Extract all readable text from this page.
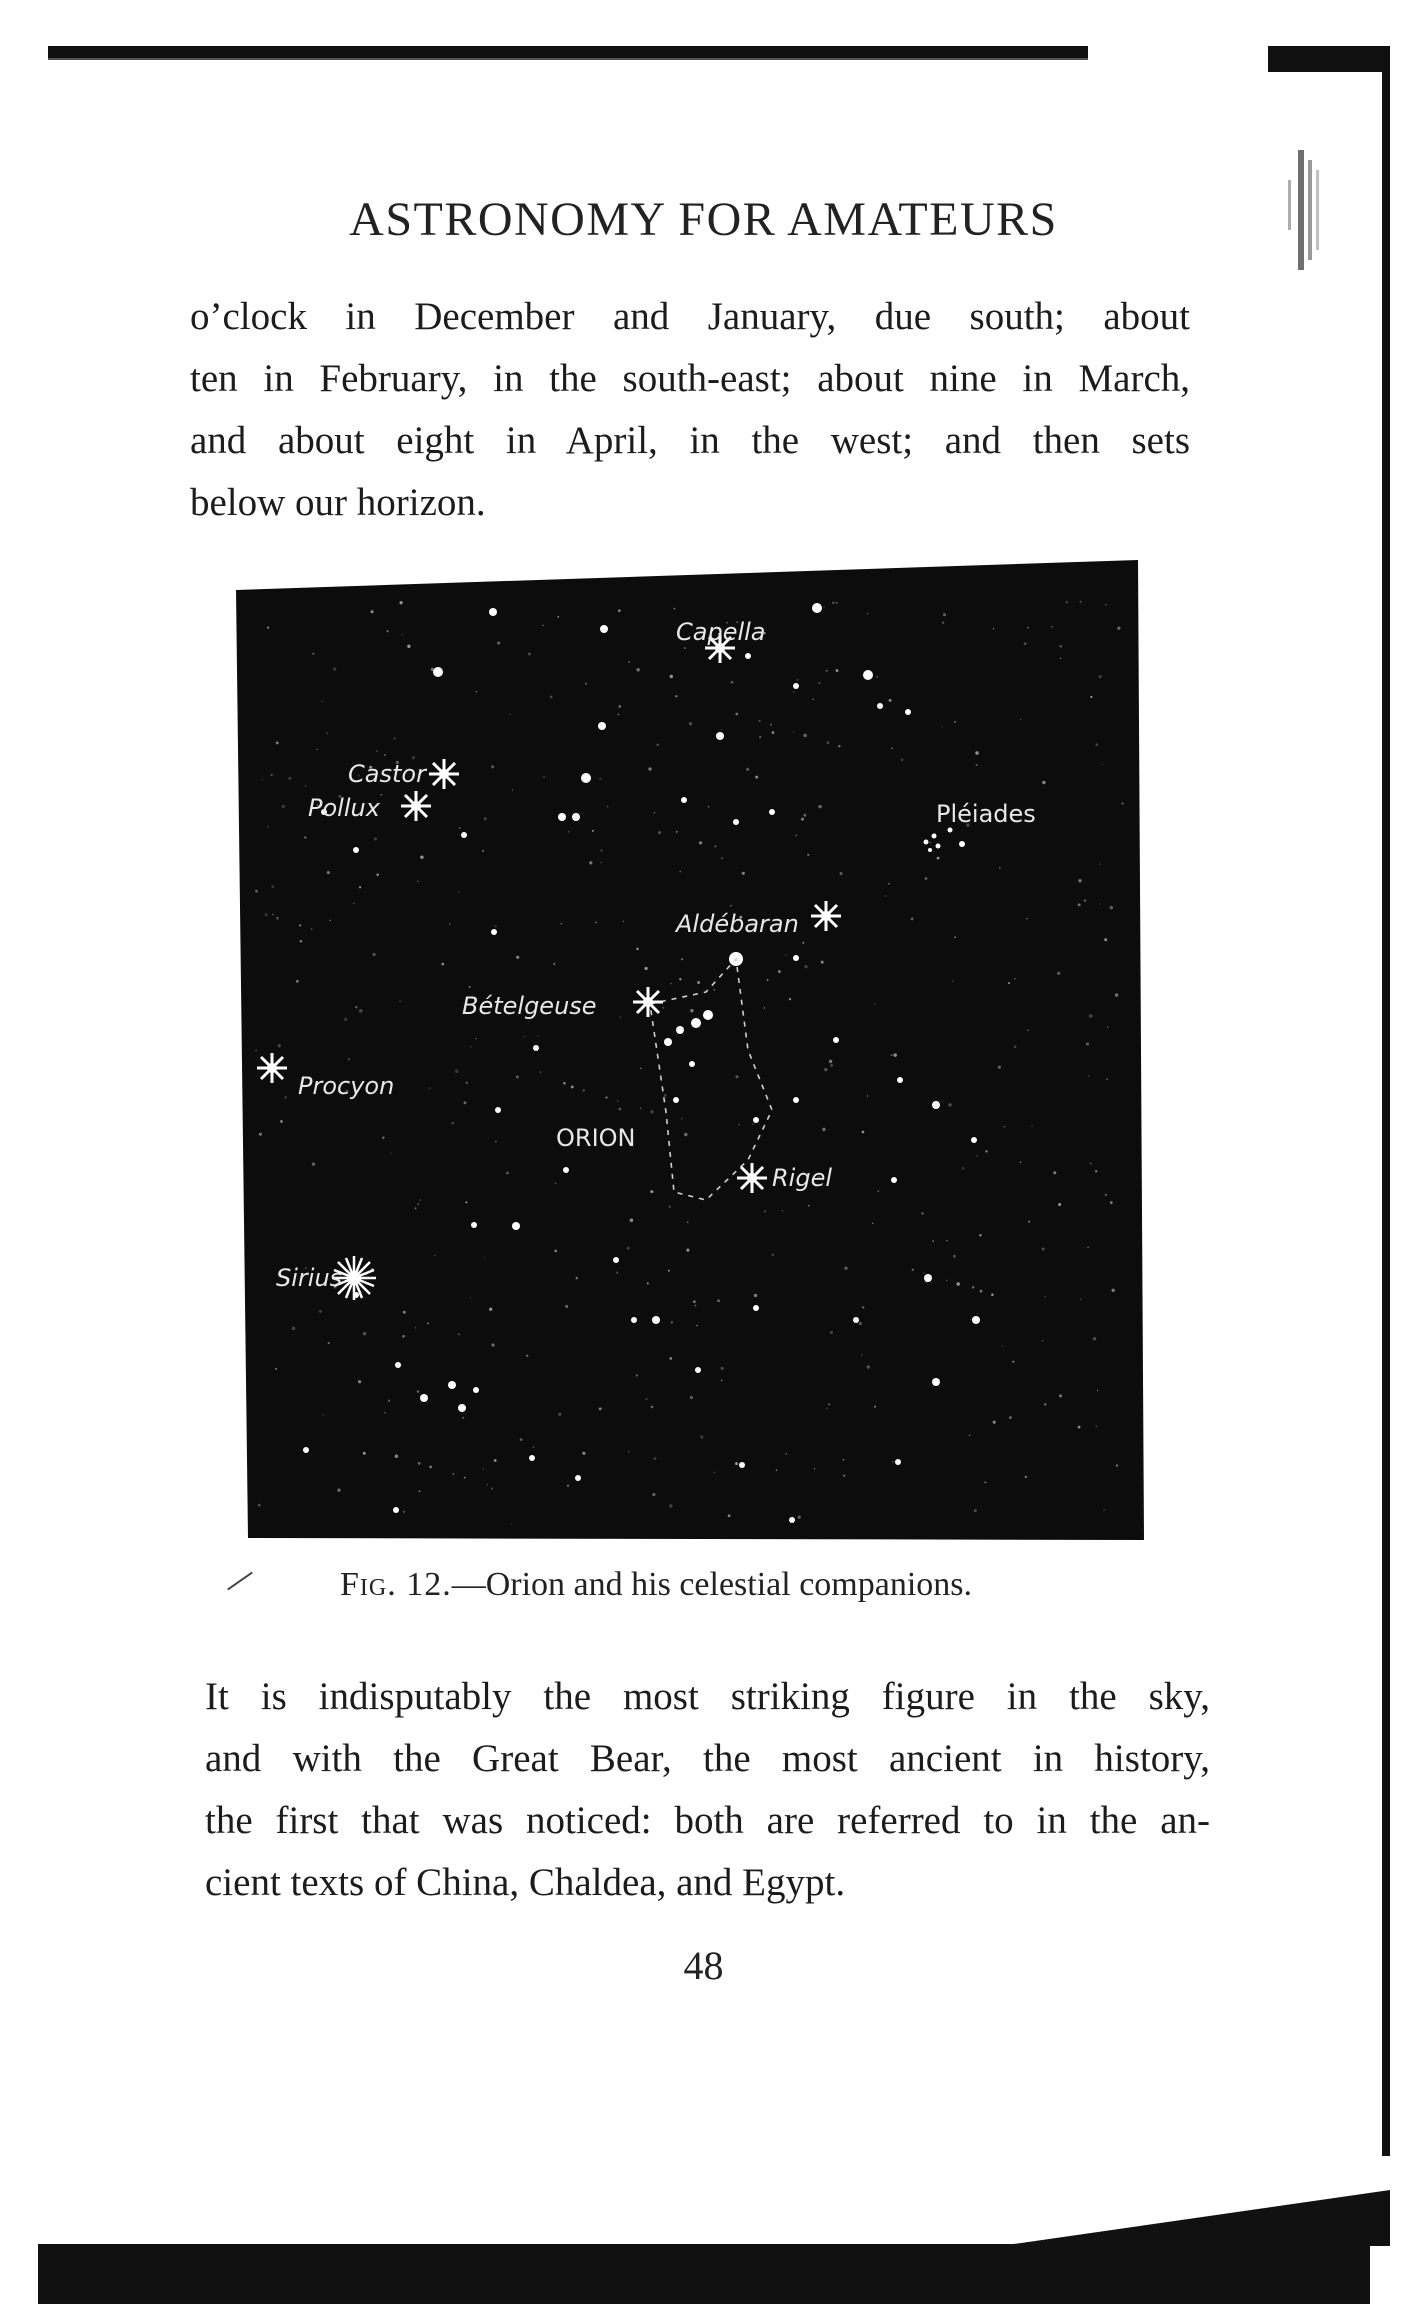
ASTRONOMY FOR AMATEURS
o’clock in December and January, due south; about
ten in February, in the south-east; about nine in March,
and about eight in April, in the west; and then sets
below our horizon.
Capella
Castor
Pollux	Pléiades
Aldébaran
Bételgeuse
Procyon
ORION
Rigel
Sirius
Fig. 12.—Orion and his celestial companions.
It is indisputably the most striking figure in the sky,
and with the Great Bear, the most ancient in history,
the first that was noticed: both are referred to in the an-
cient texts of China, Chaldea, and Egypt.
48
